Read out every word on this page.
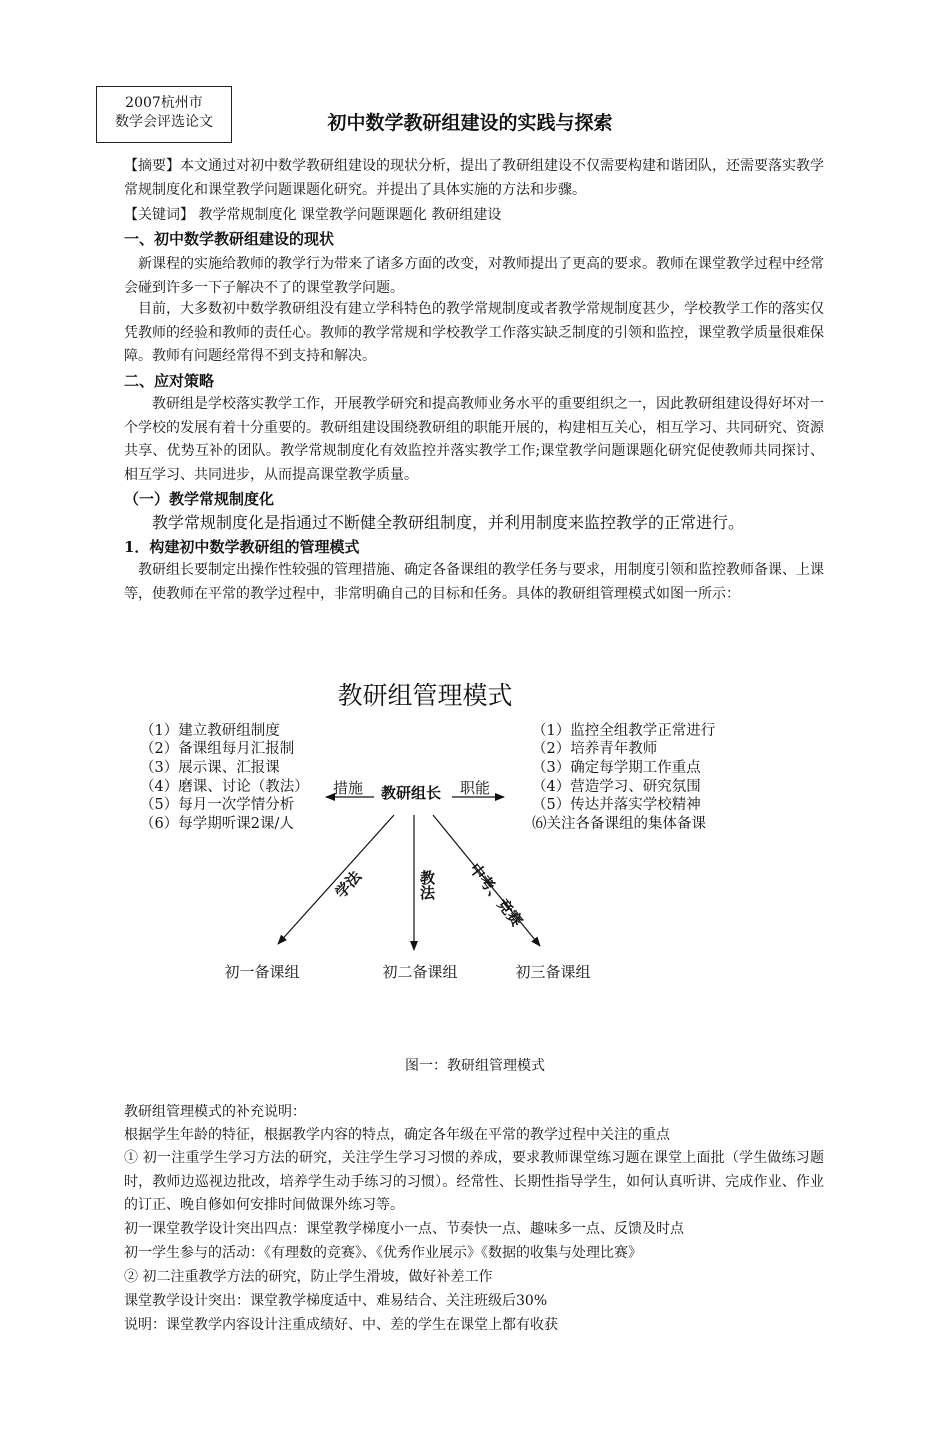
2007杭州市
数学会评选论文	初中数学教研组建设的实践与探索
【摘要】本文通过对初中数学教研组建设的现状分析，提出了教研组建设不仅需要构建和谐团队，还需要落实教学常规制度化和课堂教学问题课题化研究。并提出了具体实施的方法和步骤。
【关键词】 教学常规制度化 课堂教学问题课题化 教研组建设
一、初中数学教研组建设的现状
新课程的实施给教师的教学行为带来了诸多方面的改变，对教师提出了更高的要求。教师在课堂教学过程中经常会碰到许多一下子解决不了的课堂教学问题。
目前，大多数初中数学教研组没有建立学科特色的教学常规制度或者教学常规制度甚少，学校教学工作的落实仅凭教师的经验和教师的责任心。教师的教学常规和学校教学工作落实缺乏制度的引领和监控，课堂教学质量很难保障。教师有问题经常得不到支持和解决。
二、应对策略
教研组是学校落实教学工作，开展教学研究和提高教师业务水平的重要组织之一，因此教研组建设得好坏对一个学校的发展有着十分重要的。教研组建设围绕教研组的职能开展的，构建相互关心，相互学习、共同研究、资源共享、优势互补的团队。教学常规制度化有效监控并落实教学工作;课堂教学问题课题化研究促使教师共同探讨、相互学习、共同进步，从而提高课堂教学质量。
（一）教学常规制度化
教学常规制度化是指通过不断健全教研组制度，并利用制度来监控教学的正常进行。
1．构建初中数学教研组的管理模式
教研组长要制定出操作性较强的管理措施、确定各备课组的教学任务与要求，用制度引领和监控教师备课、上课等，使教师在平常的教学过程中，非常明确自己的目标和任务。具体的教研组管理模式如图一所示：
教研组管理模式
（1）建立教研组制度
（2）备课组每月汇报制
（3）展示课、汇报课
（4）磨课、讨论（教法）
（5）每月一次学情分析
（6）每学期听课2课/人
（1）监控全组教学正常进行
（2）培养青年教师
（3）确定每学期工作重点
（4）营造学习、研究氛围
（5）传达并落实学校精神
⑹关注各备课组的集体备课
教研组长
措施	职能
学法	教法 中考、竞赛
初一备课组	初二备课组	初三备课组
图一：教研组管理模式
教研组管理模式的补充说明：
根据学生年龄的特征，根据教学内容的特点，确定各年级在平常的教学过程中关注的重点
① 初一注重学生学习方法的研究，关注学生学习习惯的养成，要求教师课堂练习题在课堂上面批（学生做练习题时，教师边巡视边批改，培养学生动手练习的习惯）。经常性、长期性指导学生，如何认真听讲、完成作业、作业的订正、晚自修如何安排时间做课外练习等。
初一课堂教学设计突出四点：课堂教学梯度小一点、节奏快一点、趣味多一点、反馈及时点
初一学生参与的活动：《有理数的竞赛》、《优秀作业展示》《数据的收集与处理比赛》
② 初二注重教学方法的研究，防止学生滑坡，做好补差工作
课堂教学设计突出：课堂教学梯度适中、难易结合、关注班级后30%
说明：课堂教学内容设计注重成绩好、中、差的学生在课堂上都有收获
